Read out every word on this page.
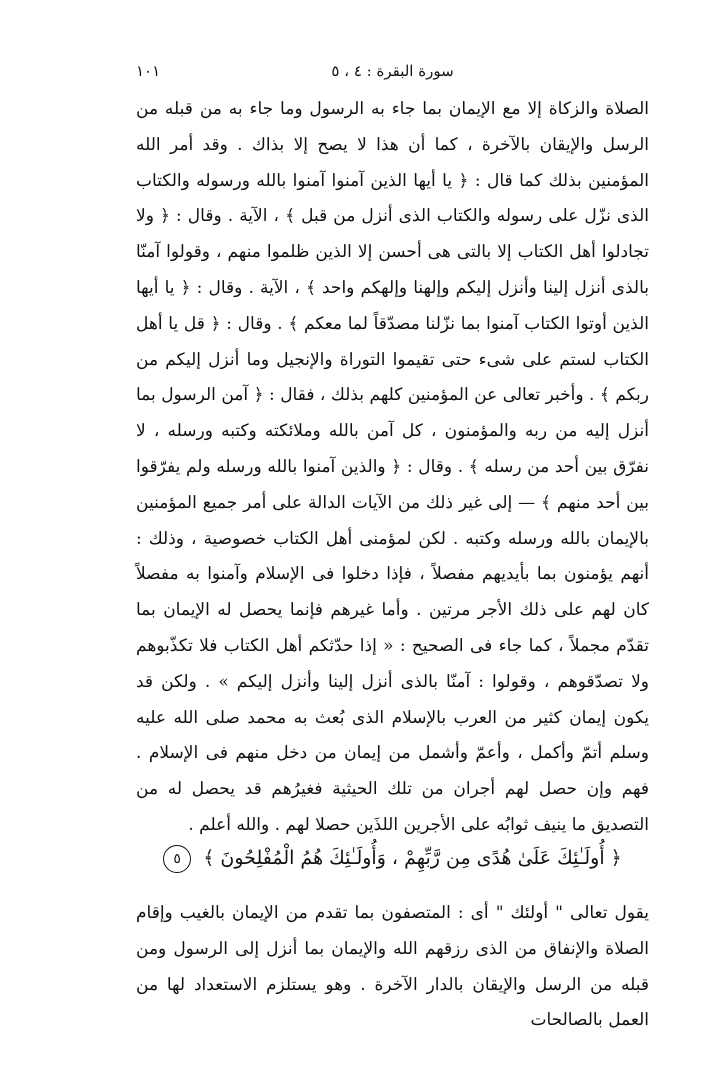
١٠١	سورة البقرة : ٤ ، ٥

الصلاة والزكاة إلا مع الإيمان بما جاء به الرسول وما جاء به من قبله من الرسل والإيقان بالآخرة ، كما أن هذا لا يصح إلا بذاك . وقد أمر الله المؤمنين بذلك كما قال : ﴿ يا أيها الذين آمنوا آمنوا بالله ورسوله والكتاب الذى نزّل على رسوله والكتاب الذى أنزل من قبل ﴾ ، الآية . وقال : ﴿ ولا تجادلوا أهل الكتاب إلا بالتى هى أحسن إلا الذين ظلموا منهم ، وقولوا آمنّا بالذى أنزل إلينا وأنزل إليكم وإلهنا وإلهكم واحد ﴾ ، الآية . وقال : ﴿ يا أيها الذين أوتوا الكتاب آمنوا بما نزّلنا مصدّقاً لما معكم ﴾ . وقال : ﴿ قل يا أهل الكتاب لستم على شىء حتى تقيموا التوراة والإنجيل وما أنزل إليكم من ربكم ﴾ . وأخبر تعالى عن المؤمنين كلهم بذلك ، فقال : ﴿ آمن الرسول بما أنزل إليه من ربه والمؤمنون ، كل آمن بالله وملائكته وكتبه ورسله ، لا نفرّق بين أحد من رسله ﴾ . وقال : ﴿ والذين آمنوا بالله ورسله ولم يفرّقوا بين أحد منهم ﴾ — إلى غير ذلك من الآيات الدالة على أمر جميع المؤمنين بالإيمان بالله ورسله وكتبه . لكن لمؤمنى أهل الكتاب خصوصية ، وذلك : أنهم يؤمنون بما بأيديهم مفصلاً ، فإذا دخلوا فى الإسلام وآمنوا به مفصلاً كان لهم على ذلك الأجر مرتين . وأما غيرهم فإنما يحصل له الإيمان بما تقدّم مجملاً ، كما جاء فى الصحيح : « إذا حدّثكم أهل الكتاب فلا تكذّبوهم ولا تصدّقوهم ، وقولوا : آمنّا بالذى أنزل إلينا وأنزل إليكم » . ولكن قد يكون إيمان كثير من العرب بالإسلام الذى بُعث به محمد صلى الله عليه وسلم أتمّ وأكمل ، وأعمّ وأشمل من إيمان من دخل منهم فى الإسلام . فهم وإن حصل لهم أجران من تلك الحيثية فغيرُهم قد يحصل له من التصديق ما ينيف ثوابُه على الأجرين اللذَين حصلا لهم . والله أعلم .

﴿ أُولَـٰئِكَ عَلَىٰ هُدًى مِن رَّبِّهِمْ ، وَأُولَـٰئِكَ هُمُ الْمُفْلِحُونَ ﴾ ٥

يقول تعالى " أولئك " أى : المتصفون بما تقدم من الإيمان بالغيب وإقام الصلاة والإنفاق من الذى رزقهم الله والإيمان بما أنزل إلى الرسول ومن قبله من الرسل والإيقان بالدار الآخرة . وهو يستلزم الاستعداد لها من العمل بالصالحات
